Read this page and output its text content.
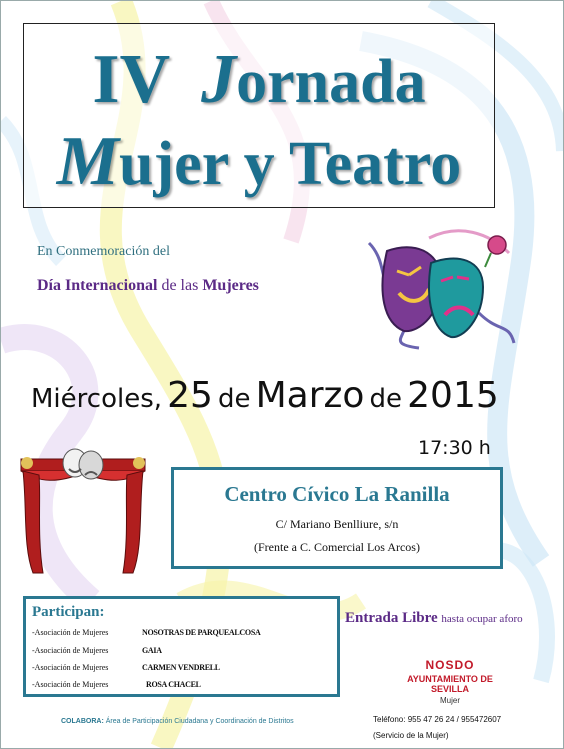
IV Jornada
Mujer y Teatro
En Conmemoración del
Día Internacional de las Mujeres
Miércoles, 25 de Marzo de 2015
17:30 h
Centro Cívico La Ranilla
C/ Mariano Benlliure, s/n
(Frente a C. Comercial Los Arcos)
Participan:
-Asociación de Mujeres	NOSOTRAS DE PARQUEALCOSA
-Asociación de Mujeres	GAIA
-Asociación de Mujeres	CARMEN VENDRELL
-Asociación de Mujeres	ROSA CHACEL
Entrada Libre hasta ocupar aforo
NOSDO
AYUNTAMIENTO DE SEVILLA
Mujer
COLABORA: Área de Participación Ciudadana y Coordinación de Distritos	Teléfono: 955 47 26 24 / 955472607
(Servicio de la Mujer)
